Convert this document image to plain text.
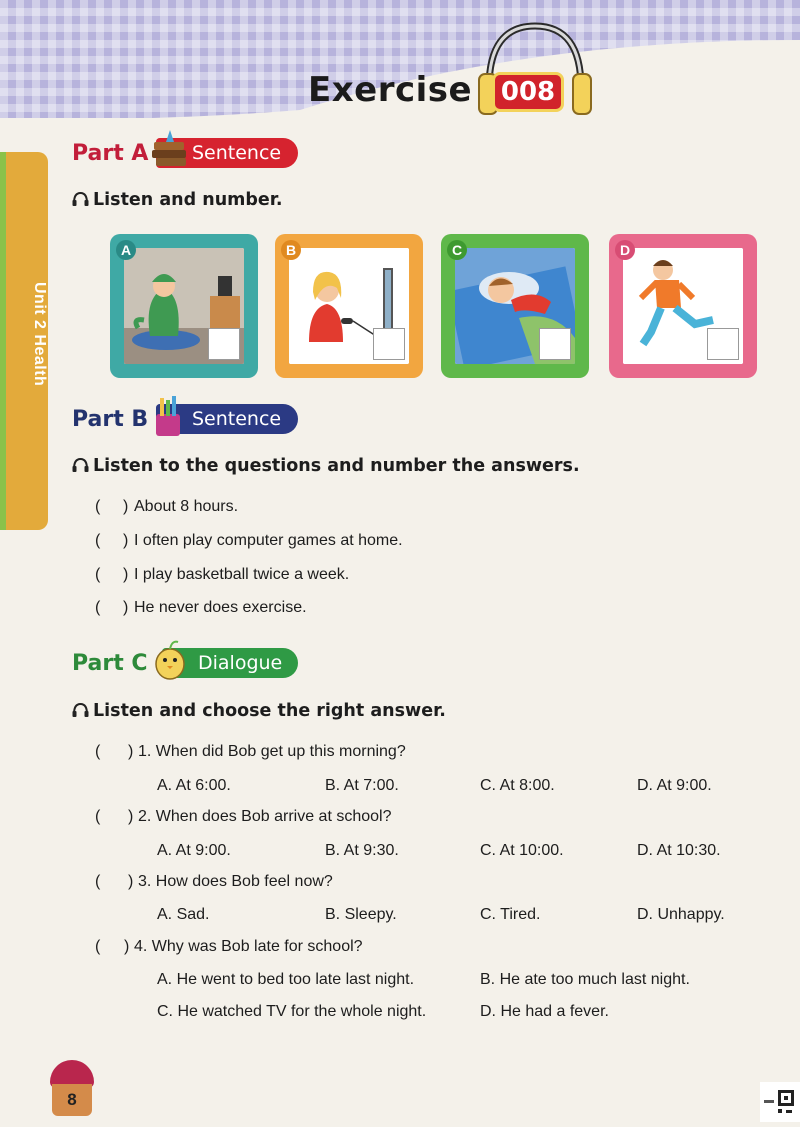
Exercise	008
Unit 2 Health
Part A	Sentence
Listen and number.
A	B	C	D
Part B	Sentence
Listen to the questions and number the answers.
( ) About 8 hours.
( ) I often play computer games at home.
( ) I play basketball twice a week.
( ) He never does exercise.
Part C	Dialogue
Listen and choose the right answer.
( ) 1. When did Bob get up this morning?
A. At 6:00.	B. At 7:00.	C. At 8:00.	D. At 9:00.
( ) 2. When does Bob arrive at school?
A. At 9:00.	B. At 9:30.	C. At 10:00.	D. At 10:30.
( ) 3. How does Bob feel now?
A. Sad.	B. Sleepy.	C. Tired.	D. Unhappy.
( ) 4. Why was Bob late for school?
A. He went to bed too late last night.	B. He ate too much last night.
C. He watched TV for the whole night.	D. He had a fever.
8
